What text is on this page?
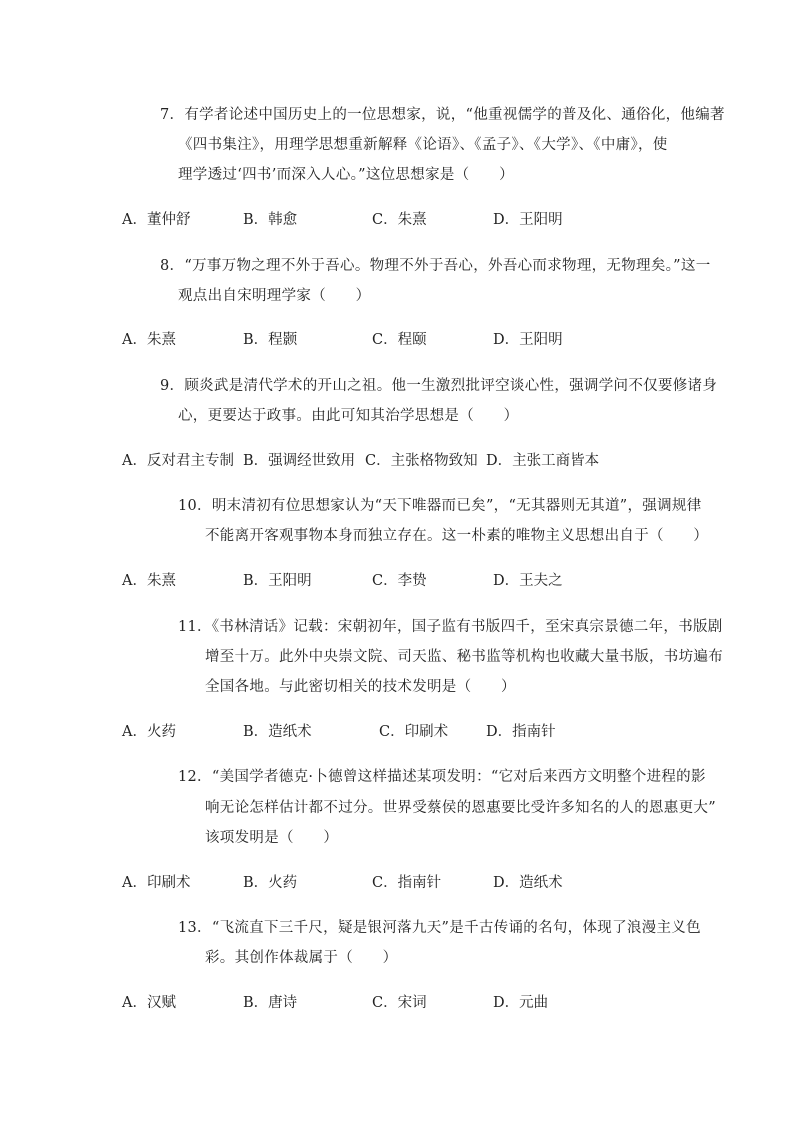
7．有学者论述中国历史上的一位思想家，说，“他重视儒学的普及化、通俗化，他编著
《四书集注》，用理学思想重新解释《论语》、《孟子》、《大学》、《中庸》，使
理学透过‘四书’而深入人心。”这位思想家是（　　）
A．董仲舒	B．韩愈	C．朱熹	D．王阳明
8．“万事万物之理不外于吾心。物理不外于吾心，外吾心而求物理，无物理矣。”这一
观点出自宋明理学家（　　）
A．朱熹	B．程颢	C．程颐	D．王阳明
9．顾炎武是清代学术的开山之祖。他一生激烈批评空谈心性，强调学问不仅要修诸身
心，更要达于政事。由此可知其治学思想是（　　）
A．反对君主专制 B．强调经世致用 C．主张格物致知 D．主张工商皆本
10．明末清初有位思想家认为“天下唯器而已矣”，“无其器则无其道”，强调规律
不能离开客观事物本身而独立存在。这一朴素的唯物主义思想出自于（　　）
A．朱熹	B．王阳明	C．李贽	D．王夫之
11．《书林清话》记载：宋朝初年，国子监有书版四千，至宋真宗景德二年，书版剧
增至十万。此外中央崇文院、司天监、秘书监等机构也收藏大量书版，书坊遍布
全国各地。与此密切相关的技术发明是（　　）
A．火药	B．造纸术	C．印刷术	D．指南针
12．“美国学者德克·卜德曾这样描述某项发明：“它对后来西方文明整个进程的影
响无论怎样估计都不过分。世界受蔡侯的恩惠要比受许多知名的人的恩惠更大”
该项发明是（　　）
A．印刷术	B．火药	C．指南针	D．造纸术
13．“飞流直下三千尺，疑是银河落九天”是千古传诵的名句，体现了浪漫主义色
彩。其创作体裁属于（　　）
A．汉赋	B．唐诗	C．宋词	D．元曲
